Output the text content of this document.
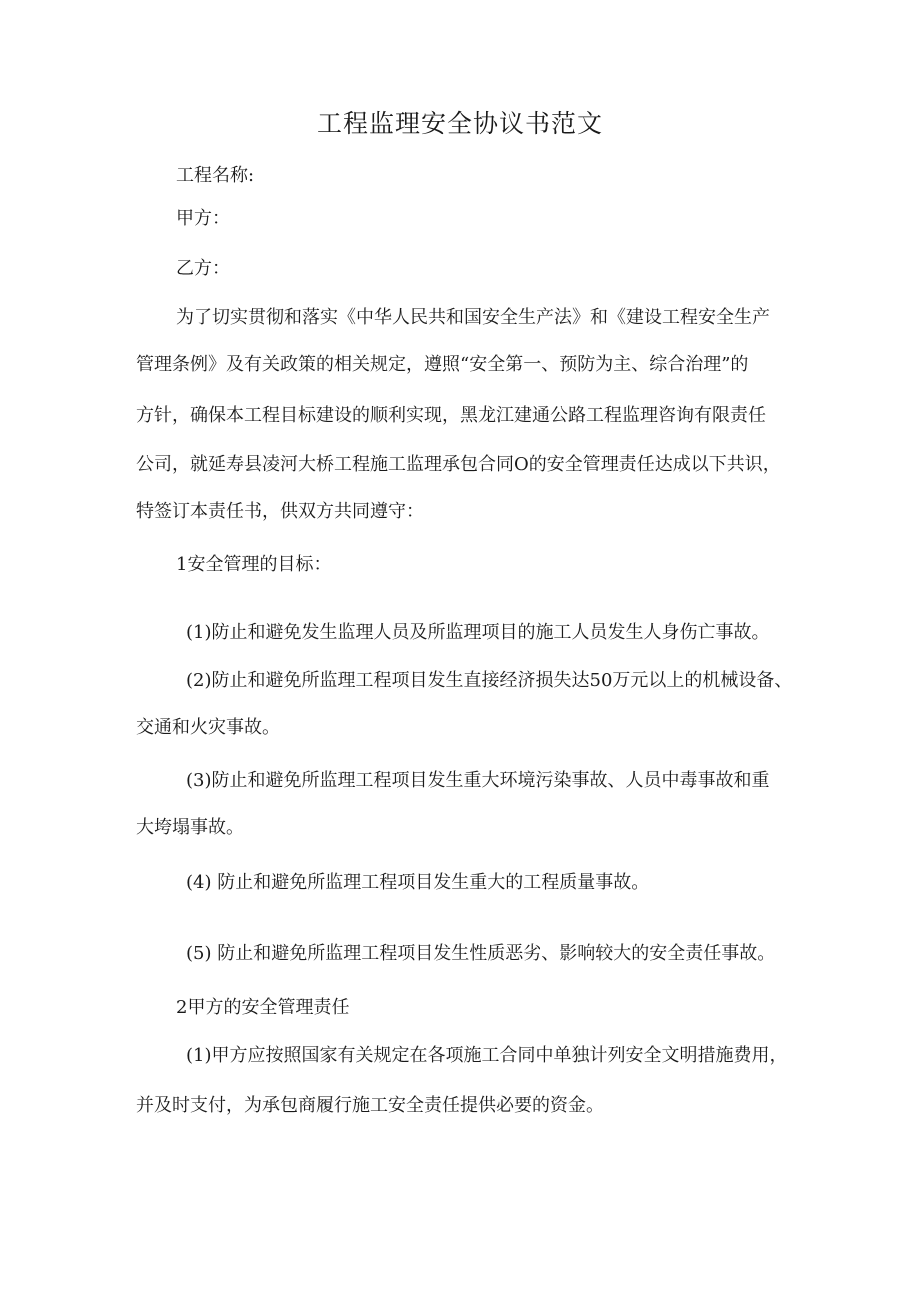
工程监理安全协议书范文
工程名称:
甲方：
乙方：
为了切实贯彻和落实《中华人民共和国安全生产法》和《建设工程安全生产
管理条例》及有关政策的相关规定，遵照“安全第一、预防为主、综合治理”的
方针，确保本工程目标建设的顺利实现，黑龙江建通公路工程监理咨询有限责任
公司，就延寿县凌河大桥工程施工监理承包合同O的安全管理责任达成以下共识，
特签订本责任书，供双方共同遵守：
1安全管理的目标：
(1)防止和避免发生监理人员及所监理项目的施工人员发生人身伤亡事故。
(2)防止和避免所监理工程项目发生直接经济损失达50万元以上的机械设备、
交通和火灾事故。
(3)防止和避免所监理工程项目发生重大环境污染事故、人员中毒事故和重
大垮塌事故。
(4) 防止和避免所监理工程项目发生重大的工程质量事故。
(5) 防止和避免所监理工程项目发生性质恶劣、影响较大的安全责任事故。
2甲方的安全管理责任
(1)甲方应按照国家有关规定在各项施工合同中单独计列安全文明措施费用，
并及时支付，为承包商履行施工安全责任提供必要的资金。
